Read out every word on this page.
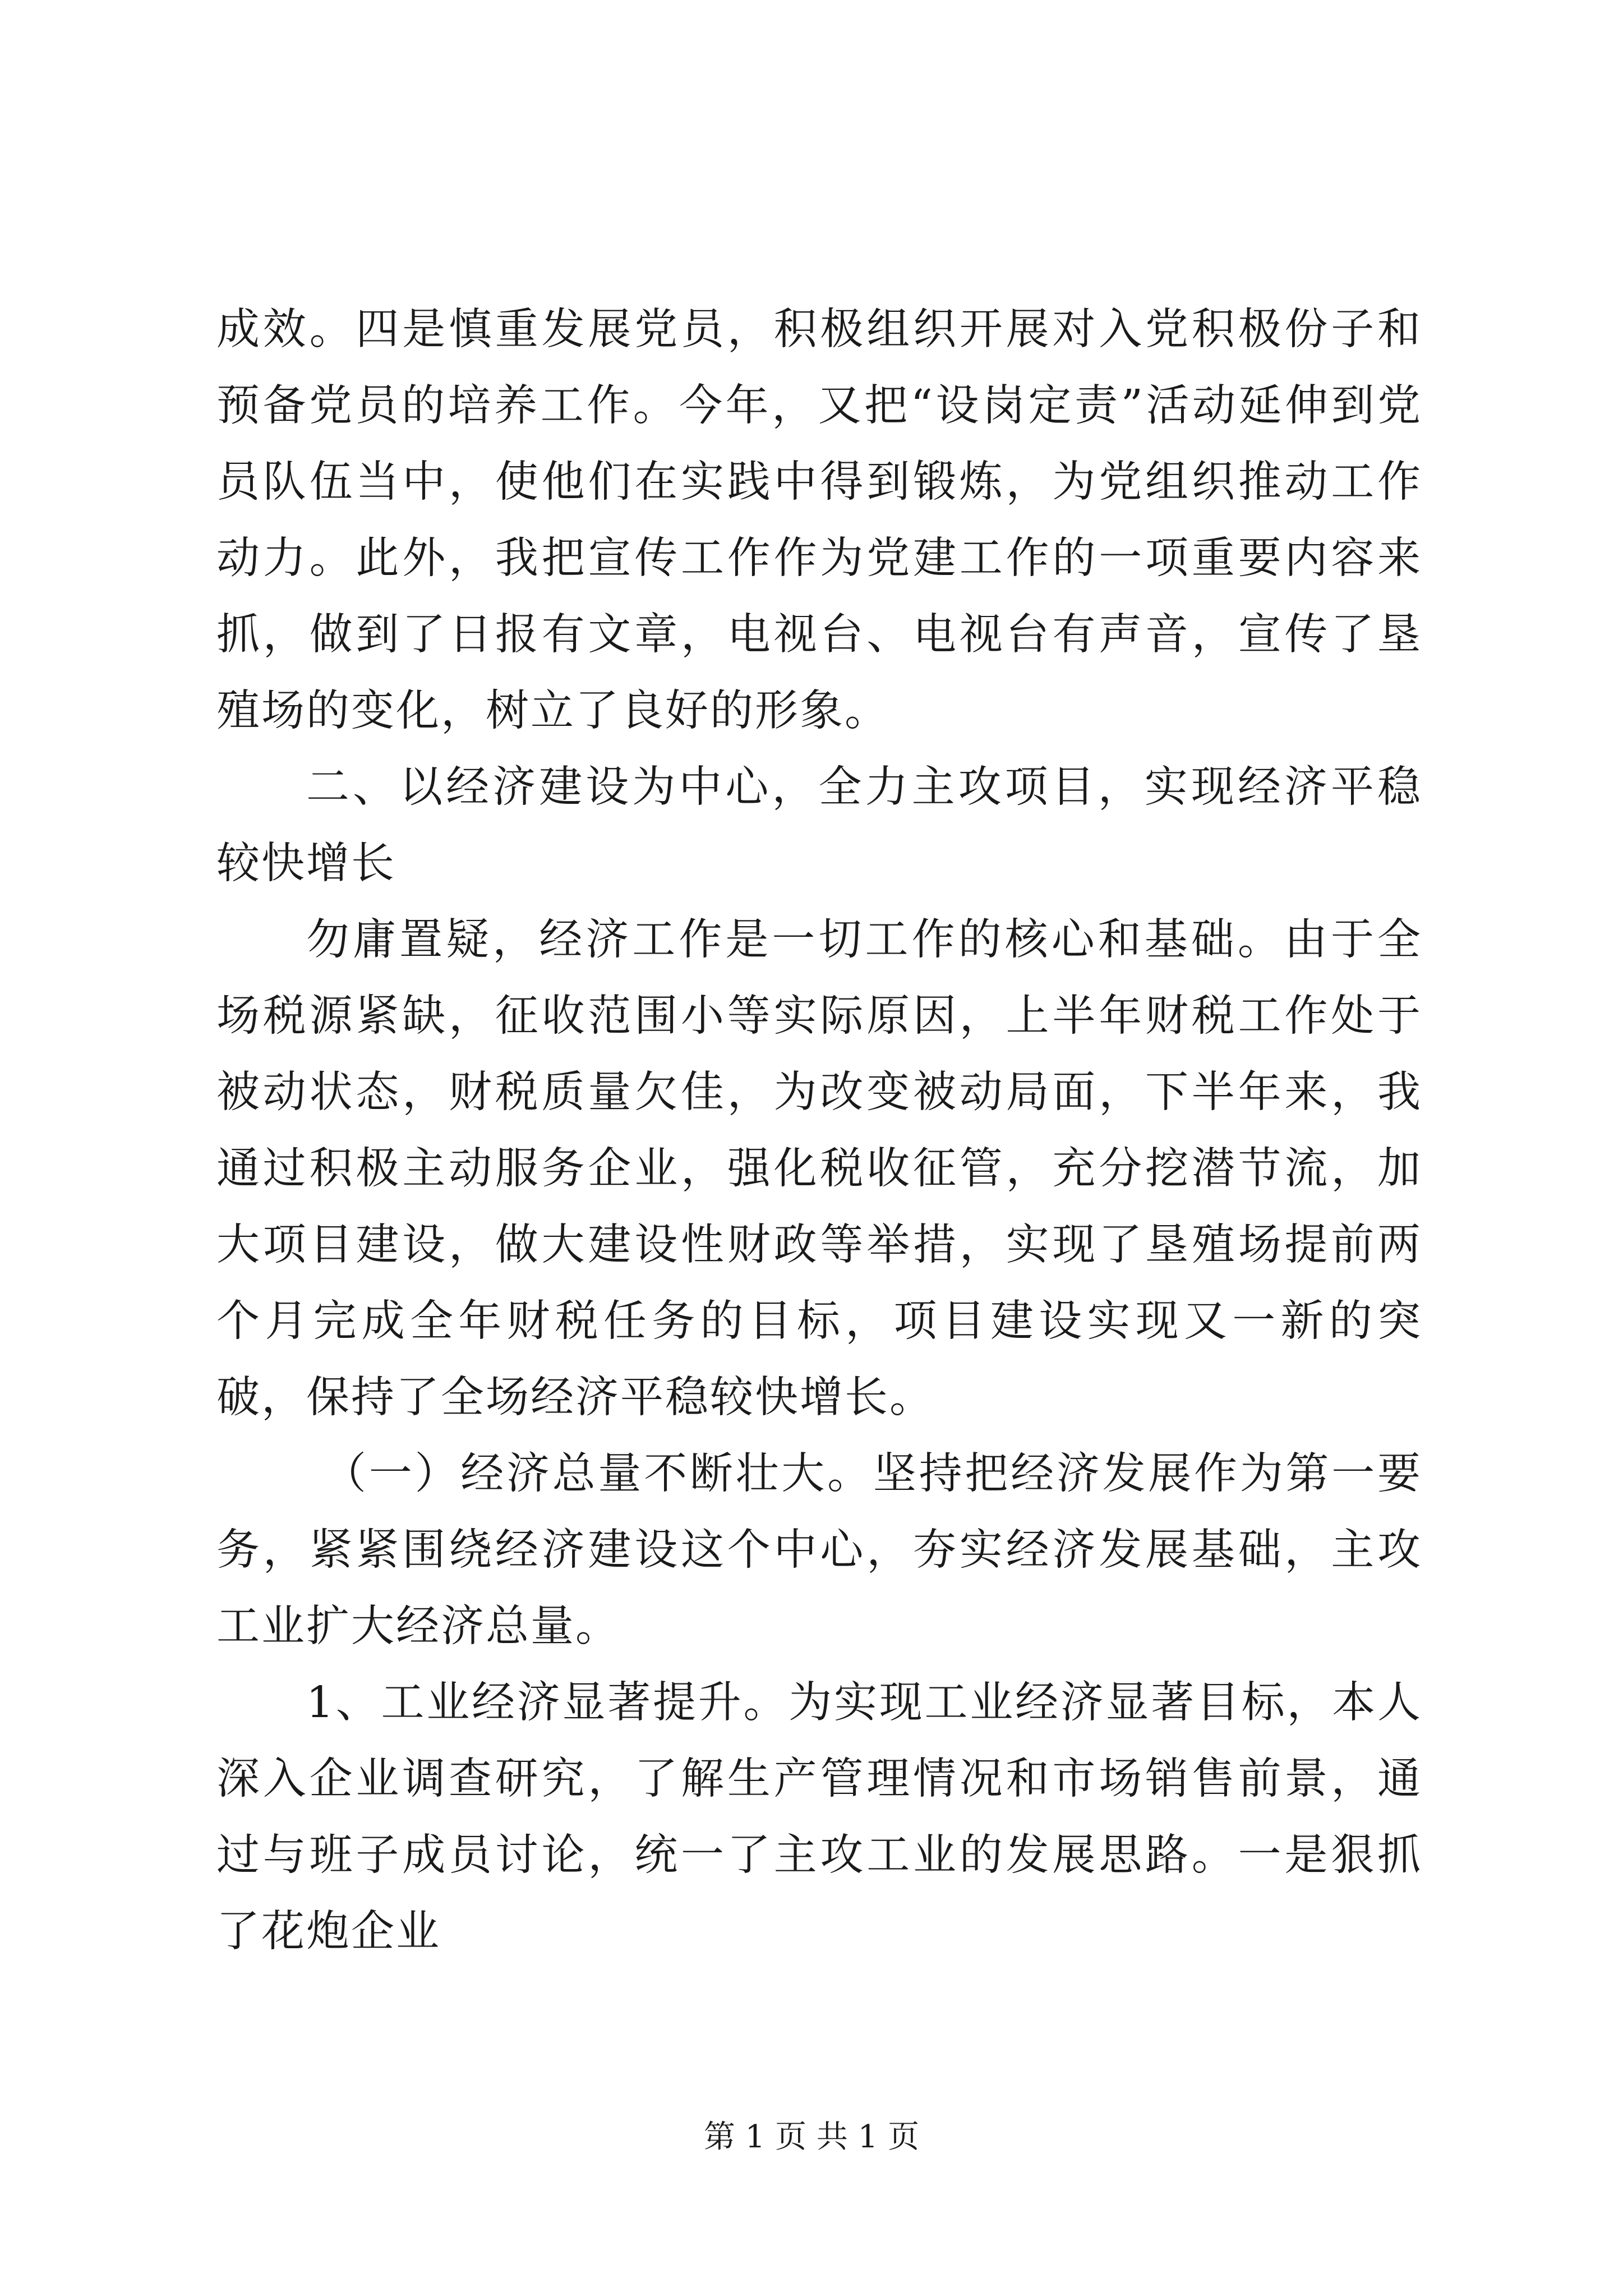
成效。四是慎重发展党员，积极组织开展对入党积极份子和预备党员的培养工作。今年，又把“设岗定责”活动延伸到党员队伍当中，使他们在实践中得到锻炼，为党组织推动工作动力。此外，我把宣传工作作为党建工作的一项重要内容来抓，做到了日报有文章，电视台、电视台有声音，宣传了垦殖场的变化，树立了良好的形象。

二、以经济建设为中心，全力主攻项目，实现经济平稳较快增长

勿庸置疑，经济工作是一切工作的核心和基础。由于全场税源紧缺，征收范围小等实际原因，上半年财税工作处于被动状态，财税质量欠佳，为改变被动局面，下半年来，我通过积极主动服务企业，强化税收征管，充分挖潜节流，加大项目建设，做大建设性财政等举措，实现了垦殖场提前两个月完成全年财税任务的目标，项目建设实现又一新的突破，保持了全场经济平稳较快增长。

（一）经济总量不断壮大。坚持把经济发展作为第一要务，紧紧围绕经济建设这个中心，夯实经济发展基础，主攻工业扩大经济总量。

1、工业经济显著提升。为实现工业经济显著目标，本人深入企业调查研究，了解生产管理情况和市场销售前景，通过与班子成员讨论，统一了主攻工业的发展思路。一是狠抓了花炮企业

第 1 页 共 1 页
